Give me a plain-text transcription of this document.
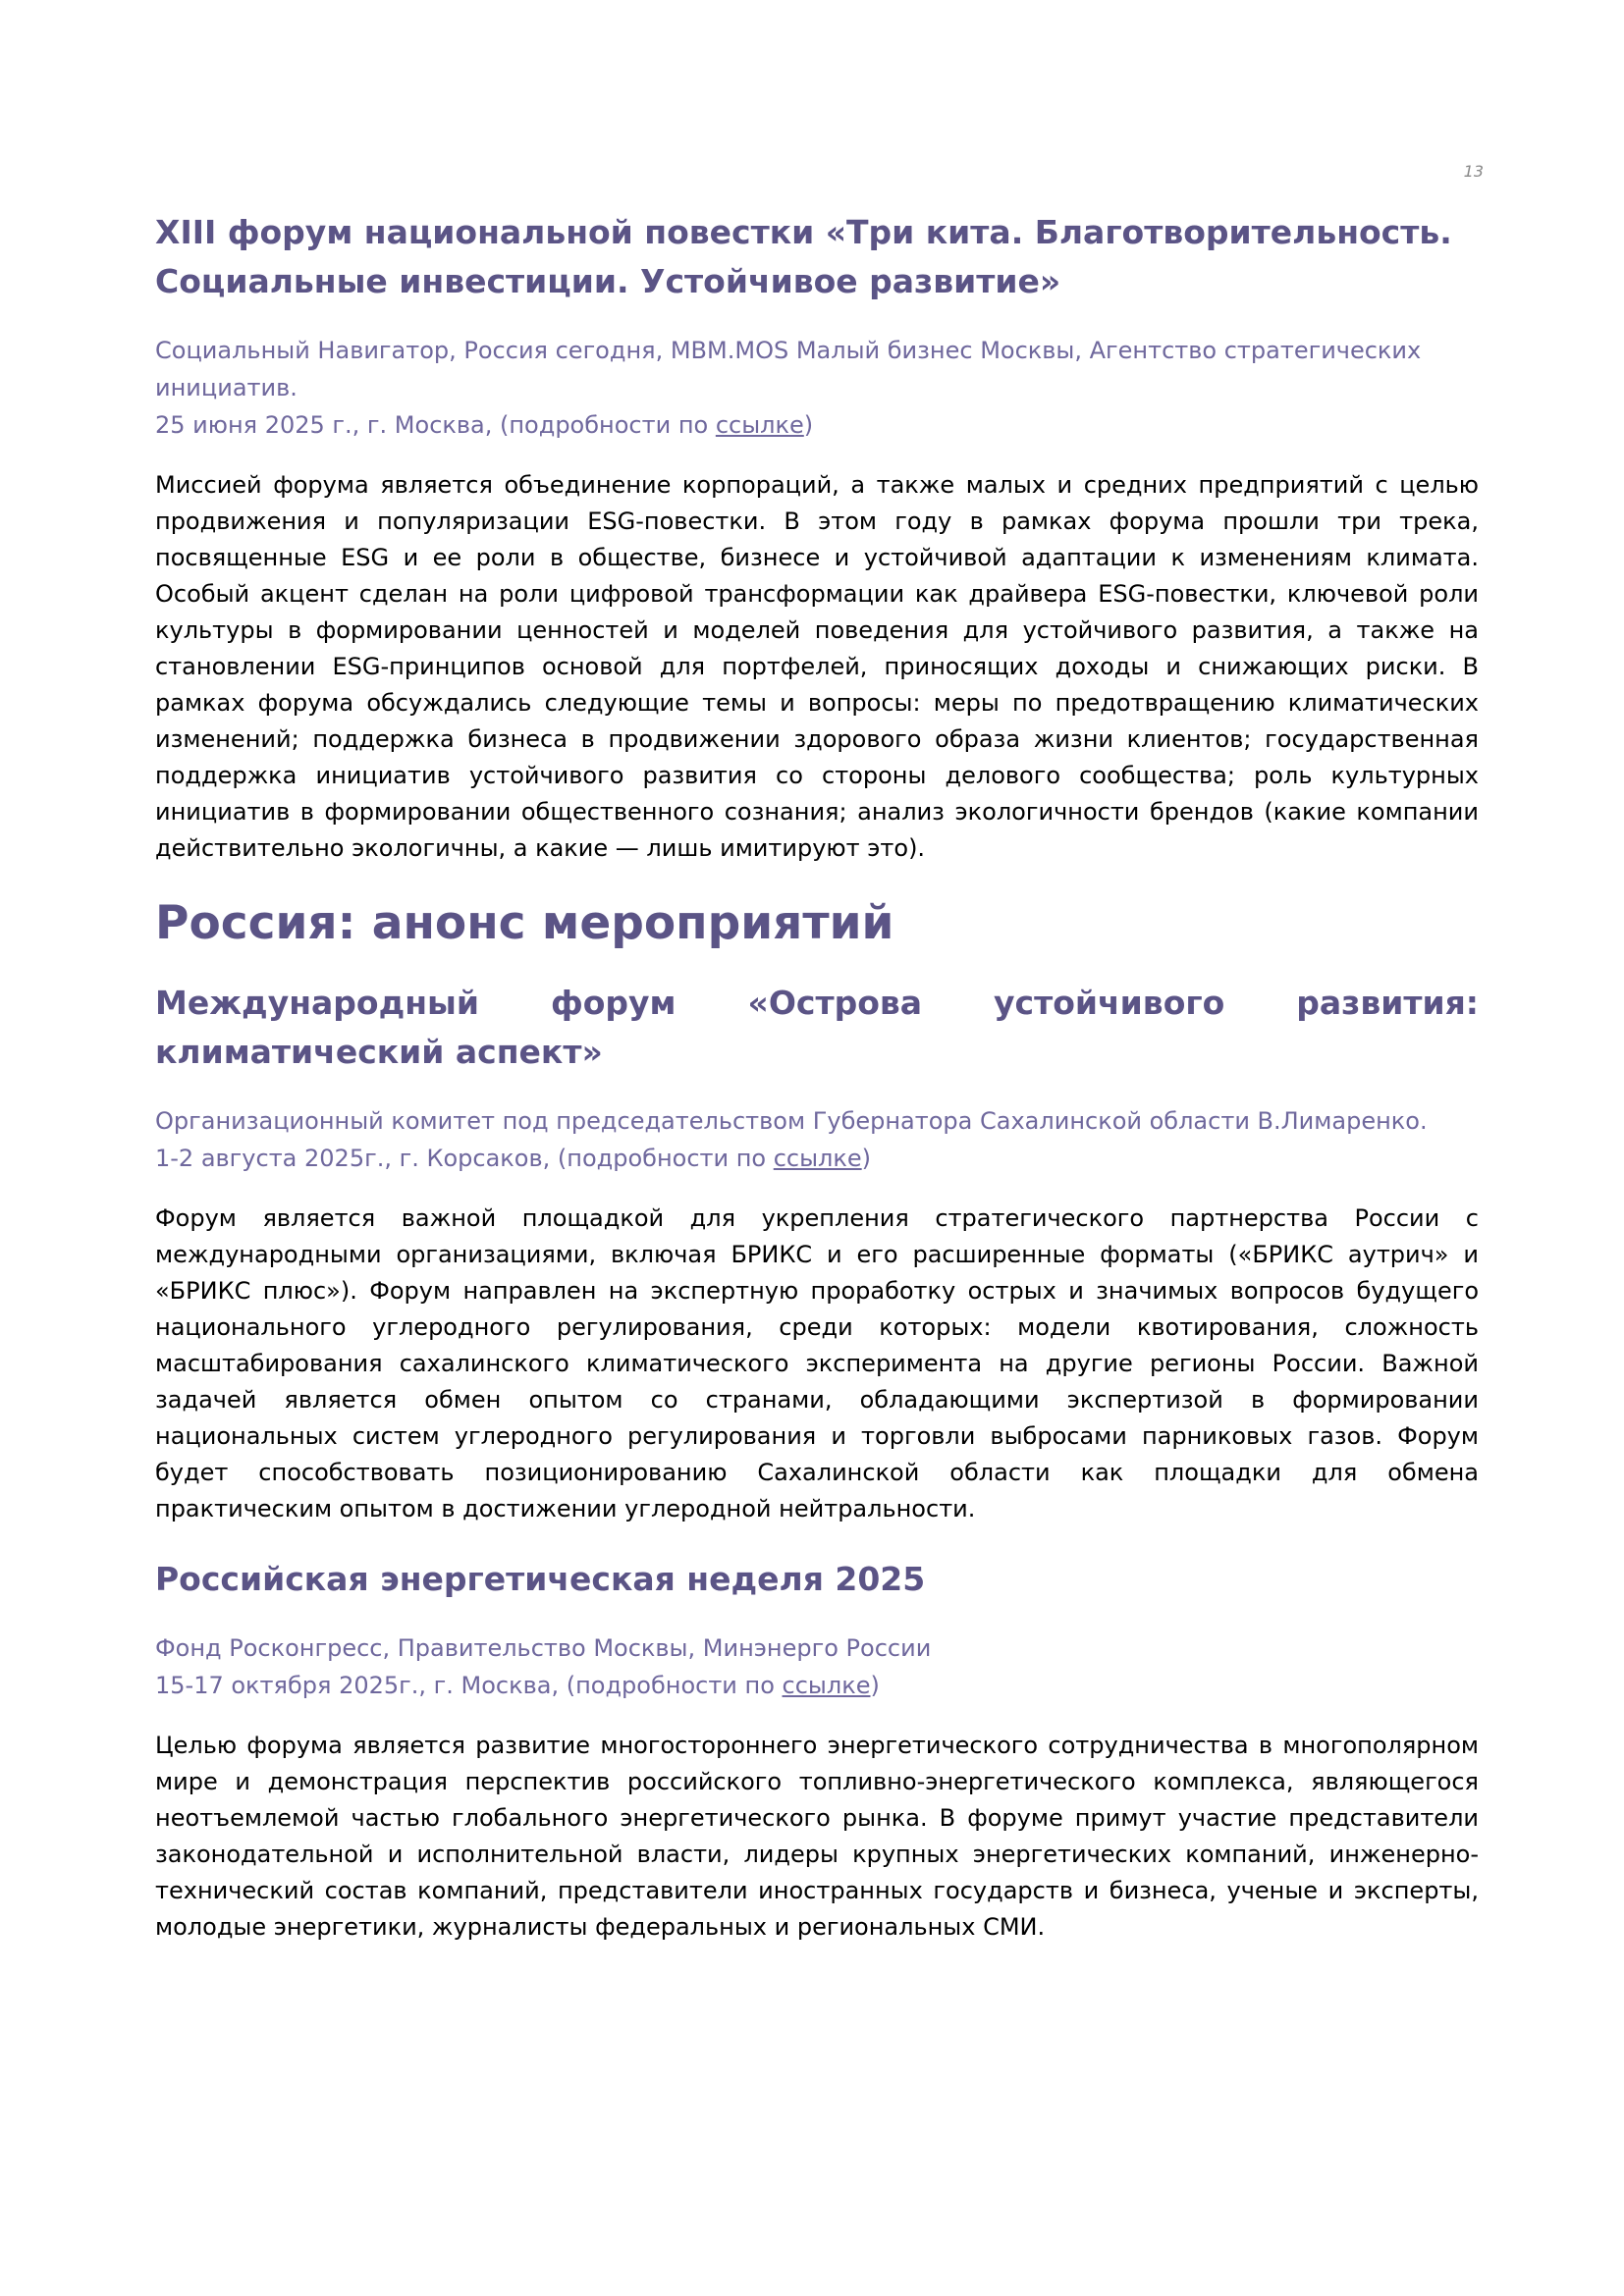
13
XIII форум национальной повестки «Три кита. Благотворительность.
Социальные инвестиции. Устойчивое развитие»
Социальный Навигатор, Россия сегодня, MBM.MOS Малый бизнес Москвы, Агентство стратегических инициатив.
25 июня 2025 г., г. Москва, (подробности по ссылке)

Миссией форума является объединение корпораций, а также малых и средних предприятий с целью продвижения и популяризации ESG-повестки. В этом году в рамках форума прошли три трека, посвященные ESG и ее роли в обществе, бизнесе и устойчивой адаптации к изменениям климата. Особый акцент сделан на роли цифровой трансформации как драйвера ESG-повестки, ключевой роли культуры в формировании ценностей и моделей поведения для устойчивого развития, а также на становлении ESG-принципов основой для портфелей, приносящих доходы и снижающих риски. В рамках форума обсуждались следующие темы и вопросы: меры по предотвращению климатических изменений; поддержка бизнеса в продвижении здорового образа жизни клиентов; государственная поддержка инициатив устойчивого развития со стороны делового сообщества; роль культурных инициатив в формировании общественного сознания; анализ экологичности брендов (какие компании действительно экологичны, а какие — лишь имитируют это).

Россия: анонс мероприятий
Международный форум «Острова устойчивого развития:
климатический аспект»
Организационный комитет под председательством Губернатора Сахалинской области В.Лимаренко.
1-2 августа 2025г., г. Корсаков, (подробности по ссылке)

Форум является важной площадкой для укрепления стратегического партнерства России с международными организациями, включая БРИКС и его расширенные форматы («БРИКС аутрич» и «БРИКС плюс»). Форум направлен на экспертную проработку острых и значимых вопросов будущего национального углеродного регулирования, среди которых: модели квотирования, сложность масштабирования сахалинского климатического эксперимента на другие регионы России. Важной задачей является обмен опытом со странами, обладающими экспертизой в формировании национальных систем углеродного регулирования и торговли выбросами парниковых газов. Форум будет способствовать позиционированию Сахалинской области как площадки для обмена практическим опытом в достижении углеродной нейтральности.

Российская энергетическая неделя 2025
Фонд Росконгресс, Правительство Москвы, Минэнерго России
15-17 октября 2025г., г. Москва, (подробности по ссылке)

Целью форума является развитие многостороннего энергетического сотрудничества в многополярном мире и демонстрация перспектив российского топливно-энергетического комплекса, являющегося неотъемлемой частью глобального энергетического рынка. В форуме примут участие представители законодательной и исполнительной власти, лидеры крупных энергетических компаний, инженерно-технический состав компаний, представители иностранных государств и бизнеса, ученые и эксперты, молодые энергетики, журналисты федеральных и региональных СМИ.
